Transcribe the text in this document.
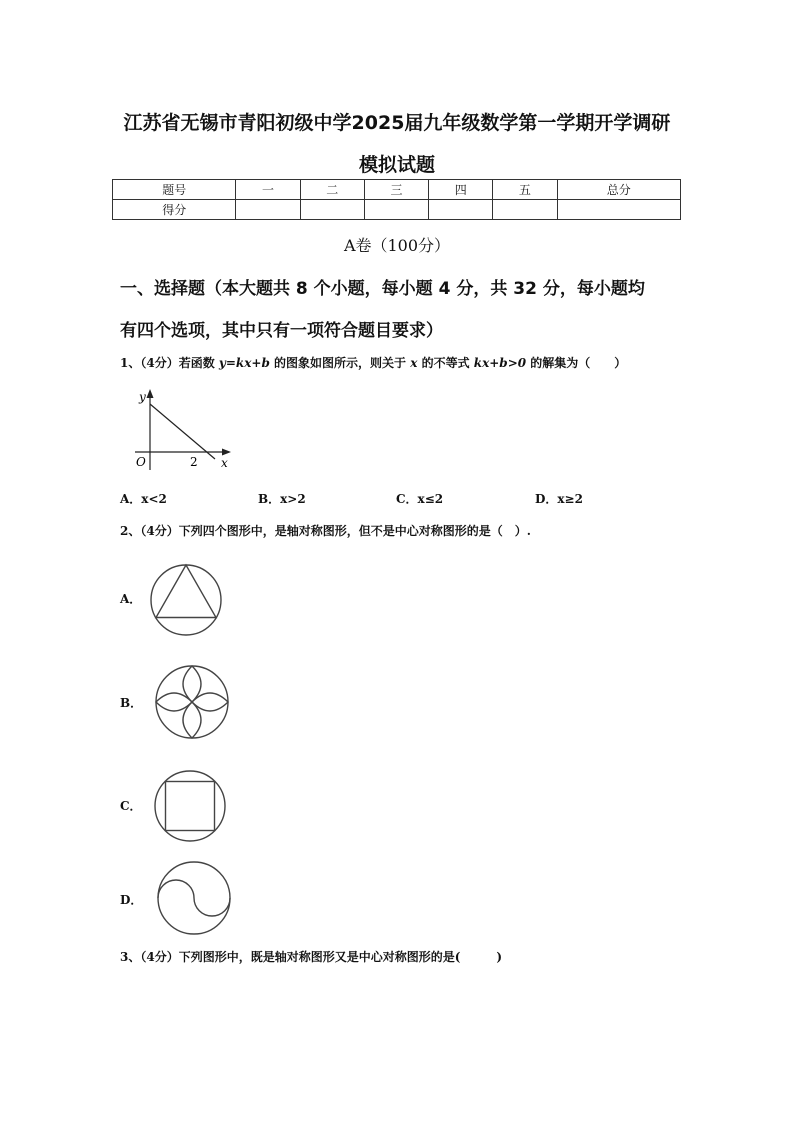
江苏省无锡市青阳初级中学2025届九年级数学第一学期开学调研
模拟试题
题号	一	二	三	四	五	总分
得分						
A卷（100分）
一、选择题（本大题共 8 个小题，每小题 4 分，共 32 分，每小题均
有四个选项，其中只有一项符合题目要求）
1、（4分）若函数 y=kx+b 的图象如图所示，则关于 x 的不等式 kx+b>0 的解集为（　　）
y
O	2 x
A．x<2	B．x>2	C．x≤2	D．x≥2
2、（4分）下列四个图形中，是轴对称图形，但不是中心对称图形的是（　）.
A．
B．
C．
D．
3、（4分）下列图形中，既是轴对称图形又是中心对称图形的是(　　　)
